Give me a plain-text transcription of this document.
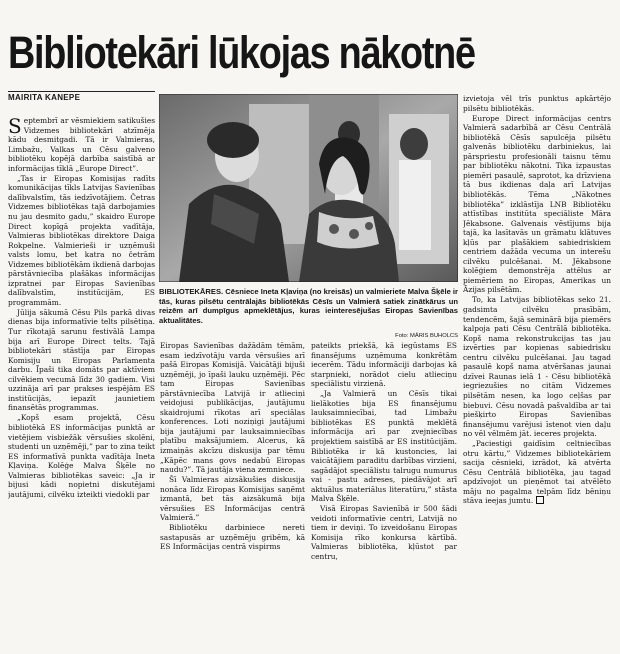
Bibliotekāri lūkojas nākotnē
MAIRITA KANEPE

Septembrī ar vēsmiekiem satikušies Vidzemes bibliotekāri atzīmēja kādu desmitgadi. Tā ir Valmieras, Limbažu, Valkas un Cēsu galveno bibliotēku kopējā darbība saistībā ar informācijas tīklā „Europe Direct”.

„Tas ir Eiropas Komisijas radīts komunikācijas tīkls Latvijas Savienības dalībvalstīm, tās iedzīvotājiem. Četras Vidzemes bibliotēkas tajā darbojamies nu jau desmito gadu,” skaidro Europe Direct kopīgā projekta vadītāja, Valmieras bibliotēkas direktore Daiga Rokpelne. Valmierieši ir uzņēmuši valsts lomu, bet katra no četrām Vidzemes bibliotēkām ikdienā darbojas pārstāvniecība plašākas informācijas izpratnei par Eiropas Savienības dalībvalstīm, institūcijām, ES programmām.

Jūlija sākumā Cēsu Pils parkā divas dienas bija informatīvie telts pilsētiņa. Tur rīkotajā sarunu festivālā Lampa bija arī Europe Direct telts. Tajā bibliotekāri stāstīja par Eiropas Komisiju un Eiropas Parlamenta darbu. Īpaši tika domāts par aktīviem cilvēkiem vecumā līdz 30 gadiem. Visi uzzināja arī par prakses iespējām ES institūcijās, iepazīt jaunietiem finansētās programmas.

„Kopš esam projektā, Cēsu bibliotēkā ES informācijas punktā ar vietējiem visbiežāk vērsušies skolēni, studenti un uzņēmēji,” par to zina teikt ES informatīvā punkta vadītāja Ineta Kļaviņa. Kolēģe Malva Šķēle no Valmieras bibliotēkas saveic: „Ja ir bijusi kādi nopietni diskutējami jautājumi, cilvēku izteikti viedokli par

BIBLIOTEKĀRES. Cēsniece Ineta Kļaviņa (no kreisās) un valmieriete Malva Šķēle ir tās, kuras pilsētu centrālajās bibliotēkās Cēsīs un Valmierā satiek zinātkārus un reizēm arī dumpīgus apmeklētājus, kuras ieinteresējušas Eiropas Savienības aktualitātes.
Foto: MĀRIS BUHOLCS

Eiropas Savienības dažādām tēmām, esam iedzīvotāju varda vērsušies arī pašā Eiropas Komisijā. Vaicātāji bijuši uzņēmēji, jo īpaši lauku uzņēmēji. Pēc tam Eiropas Savienības pārstāvniecība Latvijā ir atlieciņi veidojusi publikācijas, jautājumu skaidrojumi rīkotas arī speciālas konferences. Loti noziņigi jautājumi bija jautājumi par lauksaimniecības platību maksājumiem. Alcerus, kā izmaiņās akcīzu diskusija par tēmu „Kāpēc mans govs nedabū Eiropas naudu?”. Tā jautāja viena zemniece.

Šī Valmieras aizsākušies diskusija nonāca līdz Eiropas Komisijas saņēmt izmantā, bet tās aizsākumā bija vērsušies ES Informācijas centrā Valmierā.”

Bibliotēku darbiniece nereti sastapusās ar uzņēmēju gribēm, kā ES Informācijas centrā vispirms

pateikts priekšā, kā iegūstams ES finansējums uzņēmuma konkrētām iecerēm. Tādu informāciji darbojas kā starpnieki, norādot cielu atlieciņu speciālistu virzienā.

„Ja Valmierā un Cēsīs tikai lielākoties bija ES finansējumu lauksaimniecībai, tad Limbažu bibliotēkas ES punktā meklētā informācija arī par zvejniecības projektiem saistībā ar ES institūcijām. Bibliotēka ir kā kustoncies, lai vaicātājiem paraditu darbības virzieni, sagādājot speciālistu talrugu numurus vai - pastu adreses, piedāvājot arī aktuālus materiālus literatūru,” stāsta Malva Šķēle.

Visā Eiropas Savienībā ir 500 šādi veidoti informatīvie centri, Latvijā no tiem ir deviņi. To izveidošanu Eiropas Komisija rīko konkursa kārtībā. Valmieras bibliotēka, kļūstot par centru,

izvietoja vēl trīs punktus apkārtējo pilsētu bibliotēkās.

Europe Direct informācijas centrs Valmierā sadarbībā ar Cēsu Centrālā bibliotēkā Cēsīs sapulcēja pilsētu galvenās bibliotēku darbiniekus, lai pārspriestu profesionāli taisnu tēmu par bibliotēku nākotni. Tika izpaustas piemēri pasaulē, saprotot, ka drīzviena tā bus ikdienas daļa arī Latvijas bibliotēkās. Tēma „Nākotnes bibliotēka” izklāstīja LNB Bibliotēku attīstības institūta speciāliste Māra Jēkabsone. Galvenais vēstījums bija tajā, ka lasītavās un grāmatu klātuves kļūs par plašākiem sabiedriskiem centriem dažāda vecuma un interešu cilvēku pulcēšanai. M. Jēkabsone kolēģiem demonstrēja attēlus ar piemēriem no Eiropas, Amerikas un Āzijas pilsētām.

To, ka Latvijas bibliotēkas seko 21. gadsimta cilvēku prasībām, tendencēm, šajā seminārā bija piemērs kalpoja pati Cēsu Centrālā bibliotēka. Kopš nama rekonstrukcijas tas jau izvērties par kopienas sabiedrisku centru cilvēku pulcēšanai. Jau tagad pasaulē kopš nama atvēršanas jaunai dzīvei Raunas ielā 1 - Cēsu bibliotēkā iegriezušies no citām Vidzemes pilsētām nesen, ka logo ceļšas par biebuvi. Cēsu novadā pašvaldība ar tai piešķirto Eiropas Savienības finansējumu varējusi īstenot vien daļu no vēl vēlmēm jāt. ieceres projekta.

„Paciestigi gaidīsim celtniecības otru kārtu,” Vidzemes bibliotekāriem sacija cēsnieki, izrādot, kā atvērta Cēsu Centrālā bibliotēka, jau tagad apdzīvojot un pieņēmot tai atvēlēto māju no pagalma telpām līdz bēniņu stāva ieejas jumtu.
